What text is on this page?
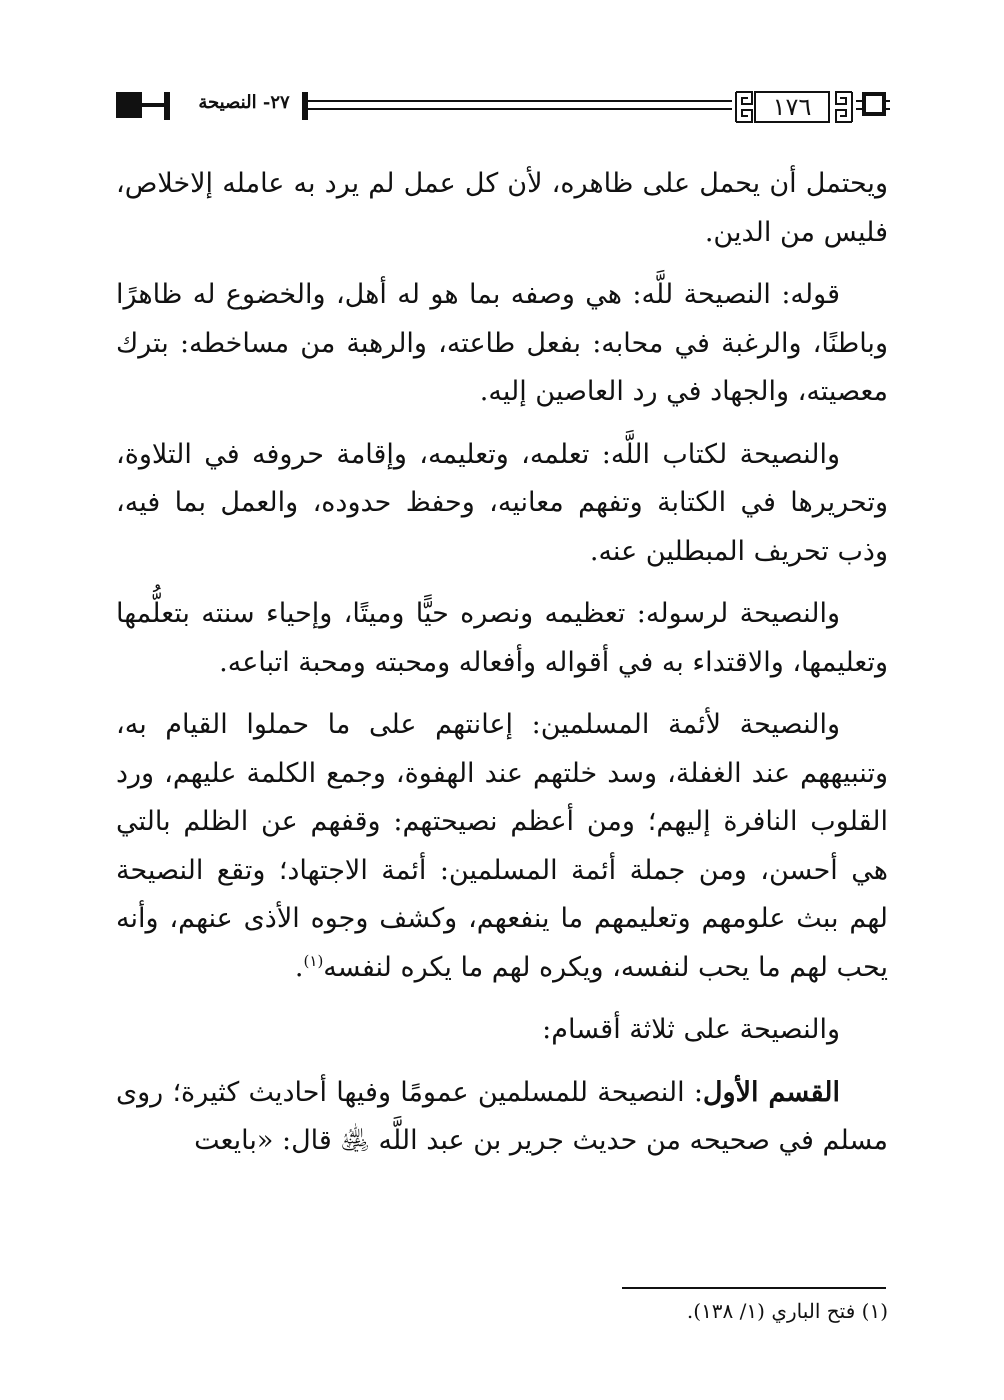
٢٧- النصيحة	١٧٦

ويحتمل أن يحمل على ظاهره، لأن كل عمل لم يرد به عامله إلاخلاص، فليس من الدين.

قوله: النصيحة للَّه: هي وصفه بما هو له أهل، والخضوع له ظاهرًا وباطنًا، والرغبة في محابه: بفعل طاعته، والرهبة من مساخطه: بترك معصيته، والجهاد في رد العاصين إليه.

والنصيحة لكتاب اللَّه: تعلمه، وتعليمه، وإقامة حروفه في التلاوة، وتحريرها في الكتابة وتفهم معانيه، وحفظ حدوده، والعمل بما فيه، وذب تحريف المبطلين عنه.

والنصيحة لرسوله: تعظيمه ونصره حيًّا وميتًا، وإحياء سنته بتعلُّمها وتعليمها، والاقتداء به في أقواله وأفعاله ومحبته ومحبة اتباعه.

والنصيحة لأئمة المسلمين: إعانتهم على ما حملوا القيام به، وتنبيههم عند الغفلة، وسد خلتهم عند الهفوة، وجمع الكلمة عليهم، ورد القلوب النافرة إليهم؛ ومن أعظم نصيحتهم: وقفهم عن الظلم بالتي هي أحسن، ومن جملة أئمة المسلمين: أئمة الاجتهاد؛ وتقع النصيحة لهم ببث علومهم وتعليمهم ما ينفعهم، وكشف وجوه الأذى عنهم، وأنه يحب لهم ما يحب لنفسه، ويكره لهم ما يكره لنفسه$^{(١)}$.

والنصيحة على ثلاثة أقسام:

القسم الأول: النصيحة للمسلمين عمومًا وفيها أحاديث كثيرة؛ روى مسلم في صحيحه من حديث جرير بن عبد اللَّه ﵁ قال: «بايعت

(١) فتح الباري (١/ ١٣٨).
